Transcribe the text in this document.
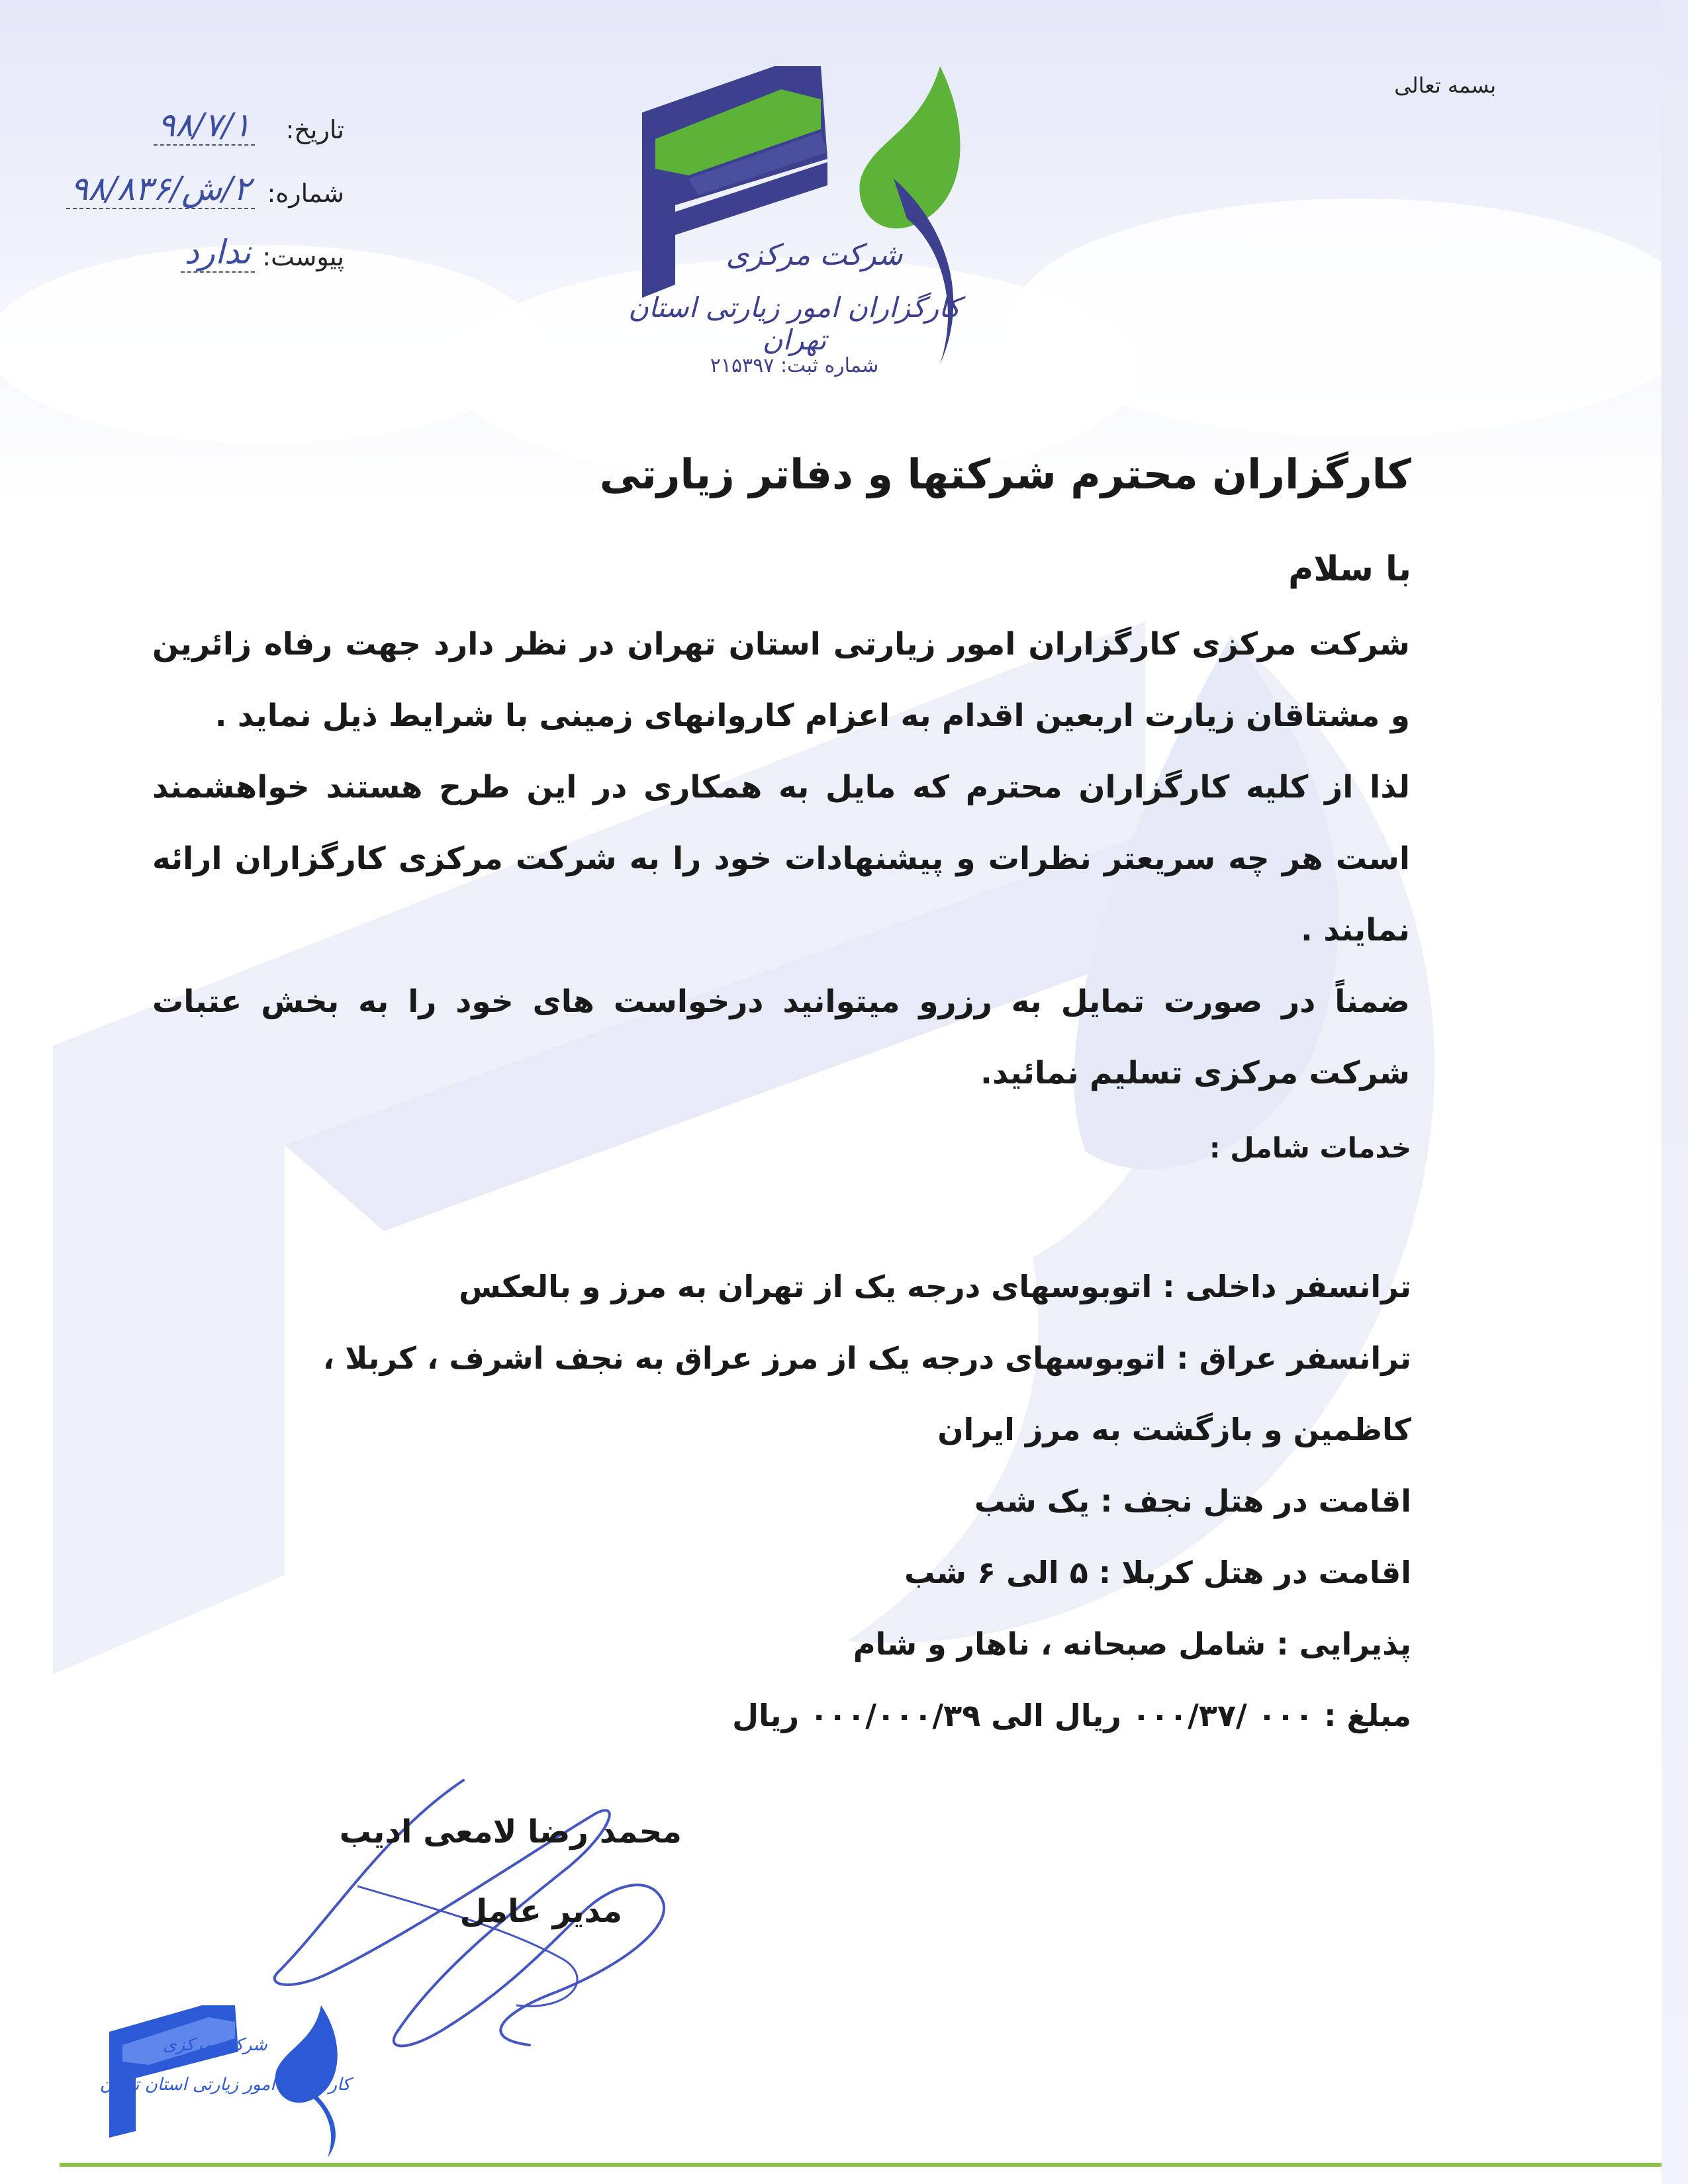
شرکت مرکزی
کارگزاران امور زیارتی استان تهران
شماره ثبت: ۲۱۵۳۹۷
بسمه تعالی
تاریخ:
۹۸/۷/۱
شماره:
۲/ش/۹۸/۸۳۶
پیوست:
ندارد
کارگزاران محترم شرکتها و دفاتر زیارتی
با سلام

شرکت مرکزی کارگزاران امور زیارتی استان تهران در نظر دارد جهت رفاه زائرین و مشتاقان زیارت اربعین اقدام به اعزام کاروانهای زمینی با شرایط ذیل نماید .

لذا از کلیه کارگزاران محترم که مایل به همکاری در این طرح هستند خواهشمند است هر چه سریعتر نظرات و پیشنهادات خود را به شرکت مرکزی کارگزاران ارائه نمایند .

ضمناً در صورت تمایل به رزرو میتوانید درخواست های خود را به بخش عتبات شرکت مرکزی تسلیم نمائید.

خدمات شامل :

ترانسفر داخلی : اتوبوسهای درجه یک از تهران به مرز و بالعکس

ترانسفر عراق : اتوبوسهای درجه یک از مرز عراق به نجف اشرف ، کربلا ، کاظمین و بازگشت به مرز ایران

اقامت در هتل نجف : یک شب

اقامت در هتل کربلا : ۵ الی ۶ شب

پذیرایی : شامل صبحانه ، ناهار و شام

مبلغ : ۰۰۰ /۰۰۰/۳۷ ریال الی ۰۰۰/۰۰۰/۳۹ ریال

محمد رضا لامعی ادیب
مدیر عامل
شرکت مرکزی
کارگزاران امور زیارتی استان تهران
